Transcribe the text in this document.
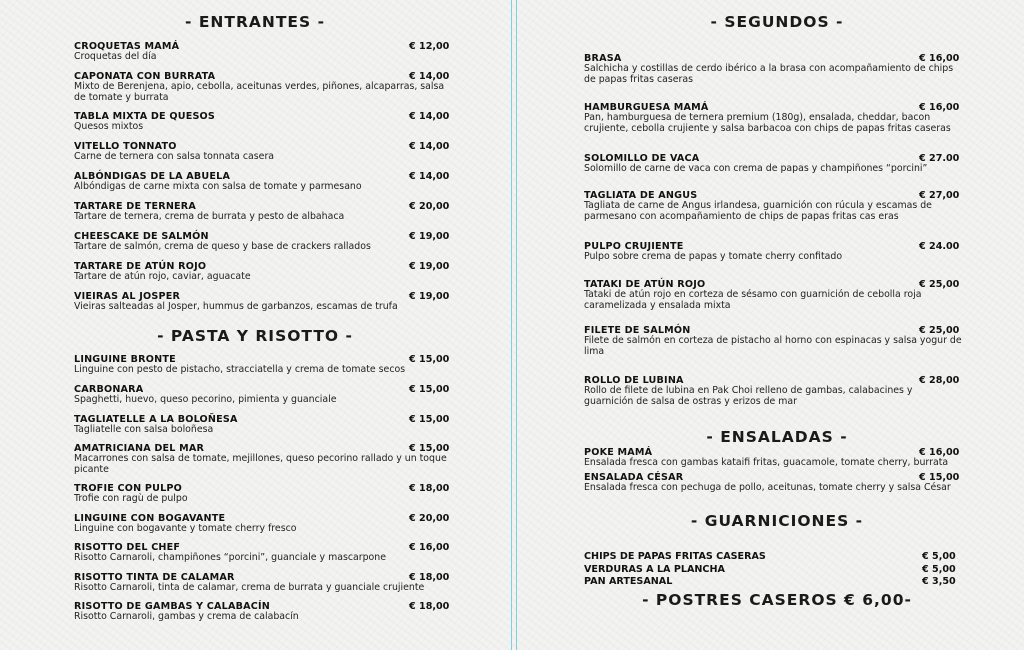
- ENTRANTES -
CROQUETAS MAMÁ	€ 12,00
Croquetas del día
CAPONATA CON BURRATA	€ 14,00
Mixto de Berenjena, apio, cebolla, aceitunas verdes, piñones, alcaparras, salsa de tomate y burrata
TABLA MIXTA DE QUESOS	€ 14,00
Quesos mixtos
VITELLO TONNATO	€ 14,00
Carne de ternera con salsa tonnata casera
ALBÓNDIGAS DE LA ABUELA	€ 14,00
Albóndigas de carne mixta con salsa de tomate y parmesano
TARTARE DE TERNERA	€ 20,00
Tartare de ternera, crema de burrata y pesto de albahaca
CHEESCAKE DE SALMÓN	€ 19,00
Tartare de salmón, crema de queso y base de crackers rallados
TARTARE DE ATÚN ROJO	€ 19,00
Tartare de atún rojo, caviar, aguacate
VIEIRAS AL JOSPER	€ 19,00
Vieiras salteadas al Josper, hummus de garbanzos, escamas de trufa
- PASTA Y RISOTTO -
LINGUINE BRONTE	€ 15,00
Linguine con pesto de pistacho, stracciatella y crema de tomate secos
CARBONARA	€ 15,00
Spaghetti, huevo, queso pecorino, pimienta y guanciale
TAGLIATELLE A LA BOLOÑESA	€ 15,00
Tagliatelle con salsa boloñesa
AMATRICIANA DEL MAR	€ 15,00
Macarrones con salsa de tomate, mejillones, queso pecorino rallado y un toque picante
TROFIE CON PULPO	€ 18,00
Trofie con ragù de pulpo
LINGUINE CON BOGAVANTE	€ 20,00
Linguine con bogavante y tomate cherry fresco
RISOTTO DEL CHEF	€ 16,00
Risotto Carnaroli, champiñones “porcini”, guanciale y mascarpone
RISOTTO TINTA DE CALAMAR	€ 18,00
Risotto Carnaroli, tinta de calamar, crema de burrata y guanciale crujiente
RISOTTO DE GAMBAS Y CALABACÍN	€ 18,00
Risotto Carnaroli, gambas y crema de calabacín
- SEGUNDOS -
BRASA	€ 16,00
Salchicha y costillas de cerdo ibérico a la brasa con acompañamiento de chips de papas fritas caseras
HAMBURGUESA MAMÁ	€ 16,00
Pan, hamburguesa de ternera premium (180g), ensalada, cheddar, bacon crujiente, cebolla crujiente y salsa barbacoa con chips de papas fritas caseras
SOLOMILLO DE VACA	€ 27.00
Solomillo de carne de vaca con crema de papas y champiñones “porcini”
TAGLIATA DE ANGUS	€ 27,00
Tagliata de carne de Angus irlandesa, guarnición con rúcula y escamas de parmesano con acompañamiento de chips de papas fritas cas eras
PULPO CRUJIENTE	€ 24.00
Pulpo sobre crema de papas y tomate cherry confitado
TATAKI DE ATÚN ROJO	€ 25,00
Tataki de atún rojo en corteza de sésamo con guarnición de cebolla roja caramelizada y ensalada mixta
FILETE DE SALMÓN	€ 25,00
Filete de salmón en corteza de pistacho al horno con espinacas y salsa yogur de lima
ROLLO DE LUBINA	€ 28,00
Rollo de filete de lubina en Pak Choi relleno de gambas, calabacines y guarnición de salsa de ostras y erizos de mar
- ENSALADAS -
POKE MAMÁ	€ 16,00
Ensalada fresca con gambas kataifi fritas, guacamole, tomate cherry, burrata
ENSALADA CÉSAR	€ 15,00
Ensalada fresca con pechuga de pollo, aceitunas, tomate cherry y salsa César
- GUARNICIONES -
CHIPS DE PAPAS FRITAS CASERAS	€ 5,00
VERDURAS A LA PLANCHA	€ 5,00
PAN ARTESANAL	€ 3,50
- POSTRES CASEROS € 6,00-
